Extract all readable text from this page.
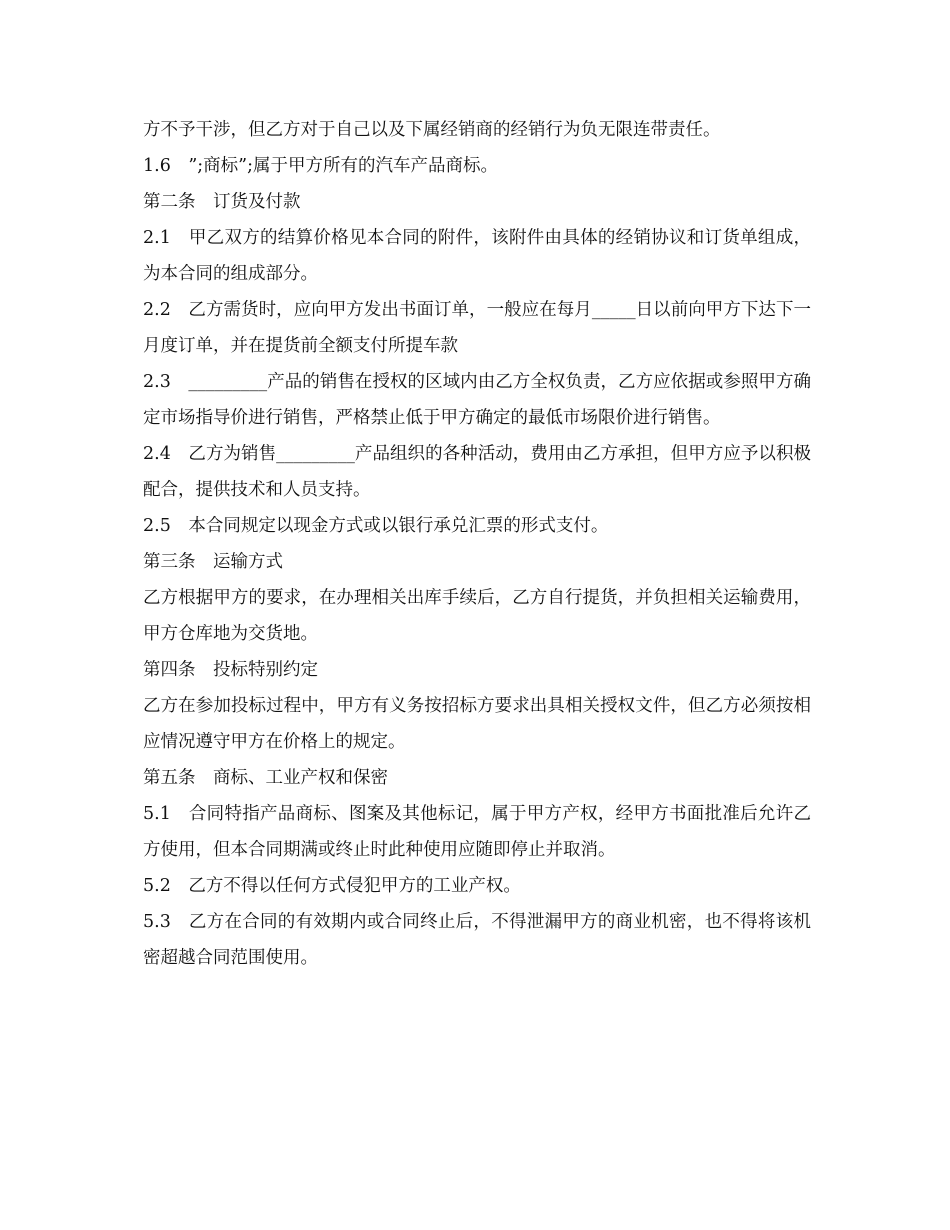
方不予干涉，但乙方对于自己以及下属经销商的经销行为负无限连带责任。

1.6　”;商标”;属于甲方所有的汽车产品商标。

第二条　订货及付款

2.1　甲乙双方的结算价格见本合同的附件，该附件由具体的经销协议和订货单组成，为本合同的组成部分。

2.2　乙方需货时，应向甲方发出书面订单，一般应在每月_____日以前向甲方下达下一月度订单，并在提货前全额支付所提车款

2.3　_________产品的销售在授权的区域内由乙方全权负责，乙方应依据或参照甲方确定市场指导价进行销售，严格禁止低于甲方确定的最低市场限价进行销售。

2.4　乙方为销售_________产品组织的各种活动，费用由乙方承担，但甲方应予以积极配合，提供技术和人员支持。

2.5　本合同规定以现金方式或以银行承兑汇票的形式支付。

第三条　运输方式

乙方根据甲方的要求，在办理相关出库手续后，乙方自行提货，并负担相关运输费用，甲方仓库地为交货地。

第四条　投标特别约定

乙方在参加投标过程中，甲方有义务按招标方要求出具相关授权文件，但乙方必须按相应情况遵守甲方在价格上的规定。

第五条　商标、工业产权和保密

5.1　合同特指产品商标、图案及其他标记，属于甲方产权，经甲方书面批准后允许乙方使用，但本合同期满或终止时此种使用应随即停止并取消。

5.2　乙方不得以任何方式侵犯甲方的工业产权。

5.3　乙方在合同的有效期内或合同终止后，不得泄漏甲方的商业机密，也不得将该机密超越合同范围使用。
